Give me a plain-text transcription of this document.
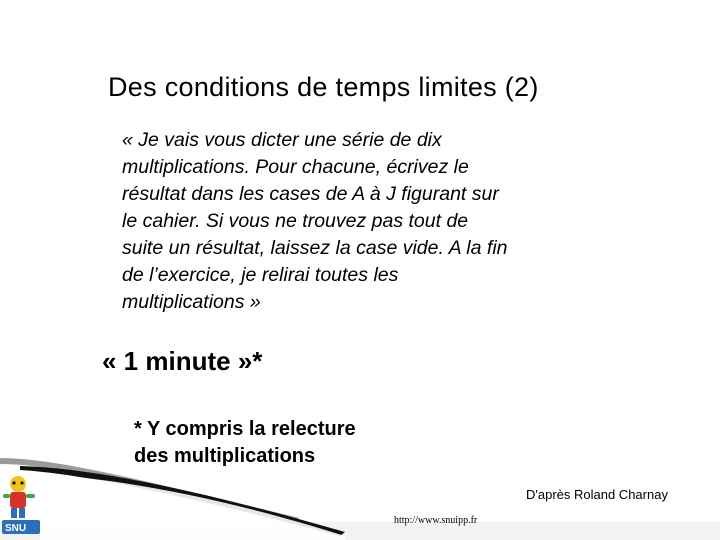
SNU
Des conditions de temps limites (2)
« Je vais vous dicter une série de dix
multiplications. Pour chacune, écrivez le
résultat dans les cases de A à J figurant sur
le cahier. Si vous ne trouvez pas tout de
suite un résultat, laissez la case vide. A la fin
de l’exercice, je relirai toutes les
multiplications »
« 1 minute »*
* Y compris la relecture
des multiplications
D'après Roland Charnay
http://www.snuipp.fr
